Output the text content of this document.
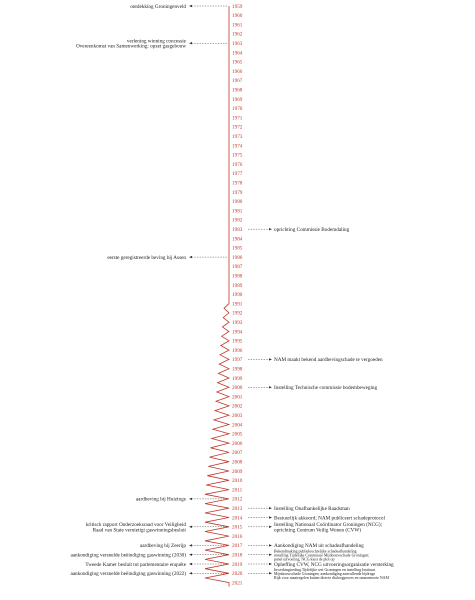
1959
1960
1961
1962
1963
1964
1965
1966
1967
1968
1969
1970
1971
1972
1973
1974
1975
1976
1977
1978
1979
1980
1981
1982
1983
1984
1985
1986
1987
1988
1989
1990
1991
1992
1993
1994
1995
1996
1997
1998
1999
2000
2001
2002
2003
2004
2005
2006
2007
2008
2009
2010
2011
2012
2013
2014
2015
2016
2017
2018
2019
2020
2021
ontdekking Groningenveld
verlening winning concessie
Overeenkomst van Samenwerking: opzet gasgebouw
oprichting Commissie Bodemdaling
eerste geregistreerde beving bij Assen
NAM maakt bekend aardbevingschade te vergoeden
Instelling Technische commissie bodembeweging
aardbeving bij Huizinge
Instelling Onafhankelijke Raadsman
Bestuurlijk akkoord; NAM publiceert schadeprotocol
kritisch rapport Onderzoeksraad voor Veiligheid
Raad van State vernietigt gaswinningsbesluit
Instelling Nationaal Coördinator Groningen (NCG);
oprichting Centrum Veilig Wonen (CVW)
aardbeving bij Zeerijp	Aankondiging NAM uit schadeafhandeling
aankondiging versnelde beëindiging gaswinning (2030)
Bekendmaking publiekrechtelijke schadeafhandeling
instelling Tijdelijke Commissie Mijnbouwschade Groningen;
panel uitvoering, NCG kiest de plot op
Tweede Kamer besluit tot parlementaire enquête	Opheffing CVW, NCG uitvoeringsorganisatie versterking
aankondiging versnelde beëindiging gaswinning (2022)
Inwerkingtreding Tijdelijke wet Groningen en instelling Instituut
Mijnbouwschade Groningen; aankondiging aanvullende bijdrage
Rijk voor maatregelen buiten directe dialoogproces en ommemooie NAM
